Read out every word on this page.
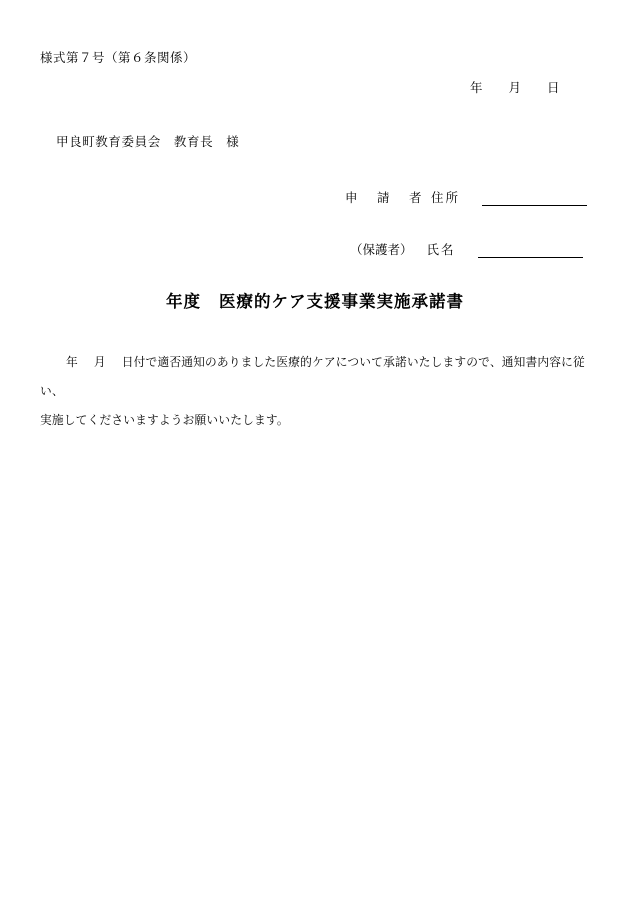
様式第７号（第６条関係）
年 月 日
甲良町教育委員会　教育長　様
申　請　者 住所
（保護者） 氏名
年度 医療的ケア支援事業実施承諾書
年 月 日付で適否通知のありました医療的ケアについて承諾いたしますので、通知書内容に従い、
実施してくださいますようお願いいたします。
